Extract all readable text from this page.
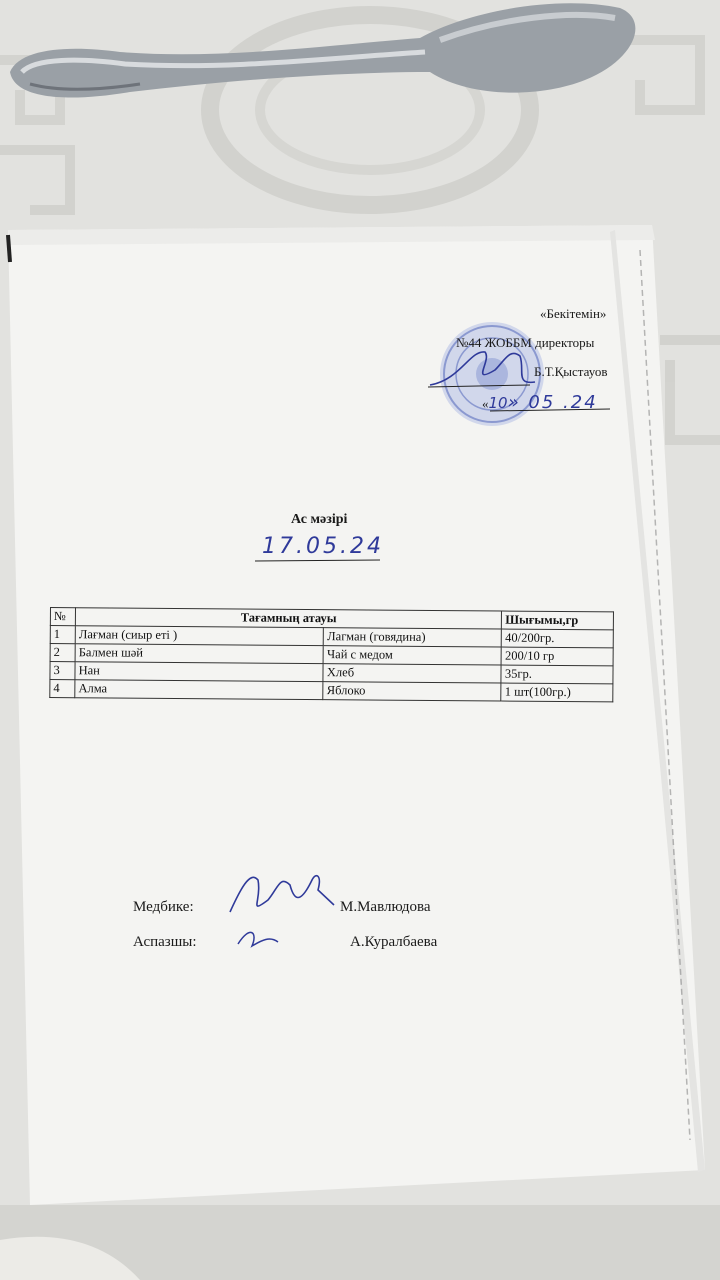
«Бекітемін»
№44 ЖОББМ директоры
Б.Т.Қыстауов
«10» 05 .24
Ас мәзірі
17.05.24
№	Тағамның атауы		Шығымы,гр
1	Лағман (сиыр еті )	Лагман (говядина)	40/200гр.
2	Балмен шәй	Чай с медом	200/10 гр
3	Нан	Хлеб	35гр.
4	Алма	Яблоко	1 шт(100гр.)
Медбике:	М.Мавлюдова
Аспазшы:	А.Куралбаева
